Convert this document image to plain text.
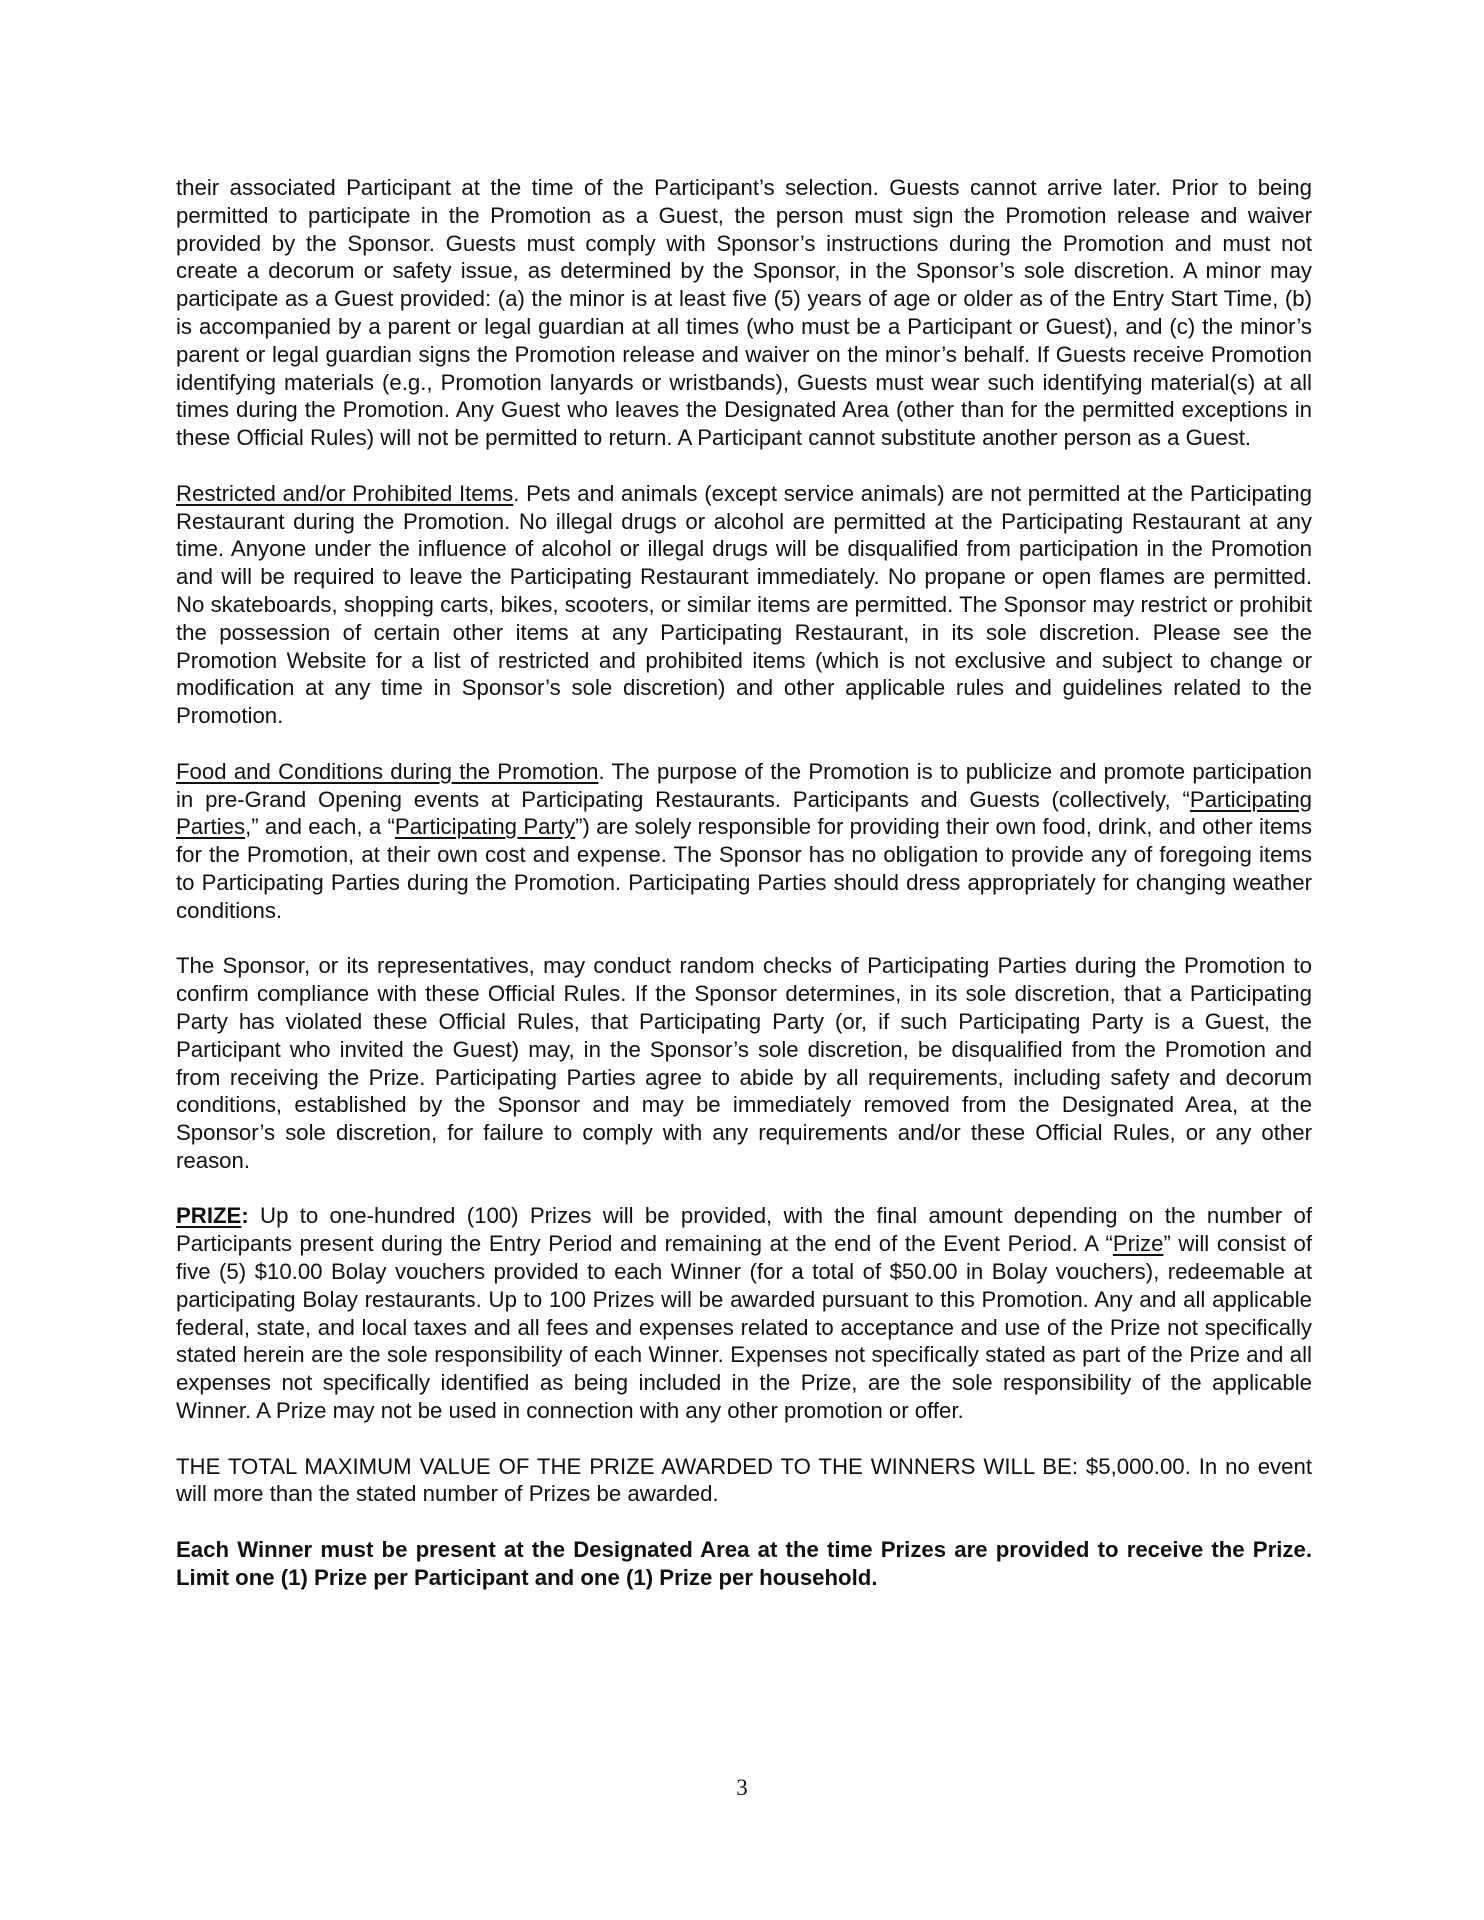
their associated Participant at the time of the Participant’s selection. Guests cannot arrive later. Prior to being permitted to participate in the Promotion as a Guest, the person must sign the Promotion release and waiver provided by the Sponsor. Guests must comply with Sponsor’s instructions during the Promotion and must not create a decorum or safety issue, as determined by the Sponsor, in the Sponsor’s sole discretion. A minor may participate as a Guest provided: (a) the minor is at least five (5) years of age or older as of the Entry Start Time, (b) is accompanied by a parent or legal guardian at all times (who must be a Participant or Guest), and (c) the minor’s parent or legal guardian signs the Promotion release and waiver on the minor’s behalf. If Guests receive Promotion identifying materials (e.g., Promotion lanyards or wristbands), Guests must wear such identifying material(s) at all times during the Promotion. Any Guest who leaves the Designated Area (other than for the permitted exceptions in these Official Rules) will not be permitted to return. A Participant cannot substitute another person as a Guest.

Restricted and/or Prohibited Items. Pets and animals (except service animals) are not permitted at the Participating Restaurant during the Promotion. No illegal drugs or alcohol are permitted at the Participating Restaurant at any time. Anyone under the influence of alcohol or illegal drugs will be disqualified from participation in the Promotion and will be required to leave the Participating Restaurant immediately. No propane or open flames are permitted. No skateboards, shopping carts, bikes, scooters, or similar items are permitted. The Sponsor may restrict or prohibit the possession of certain other items at any Participating Restaurant, in its sole discretion. Please see the Promotion Website for a list of restricted and prohibited items (which is not exclusive and subject to change or modification at any time in Sponsor’s sole discretion) and other applicable rules and guidelines related to the Promotion.

Food and Conditions during the Promotion. The purpose of the Promotion is to publicize and promote participation in pre-Grand Opening events at Participating Restaurants. Participants and Guests (collectively, “Participating Parties,” and each, a “Participating Party”) are solely responsible for providing their own food, drink, and other items for the Promotion, at their own cost and expense. The Sponsor has no obligation to provide any of foregoing items to Participating Parties during the Promotion. Participating Parties should dress appropriately for changing weather conditions.

The Sponsor, or its representatives, may conduct random checks of Participating Parties during the Promotion to confirm compliance with these Official Rules. If the Sponsor determines, in its sole discretion, that a Participating Party has violated these Official Rules, that Participating Party (or, if such Participating Party is a Guest, the Participant who invited the Guest) may, in the Sponsor’s sole discretion, be disqualified from the Promotion and from receiving the Prize. Participating Parties agree to abide by all requirements, including safety and decorum conditions, established by the Sponsor and may be immediately removed from the Designated Area, at the Sponsor’s sole discretion, for failure to comply with any requirements and/or these Official Rules, or any other reason.

PRIZE: Up to one-hundred (100) Prizes will be provided, with the final amount depending on the number of Participants present during the Entry Period and remaining at the end of the Event Period. A “Prize” will consist of five (5) $10.00 Bolay vouchers provided to each Winner (for a total of $50.00 in Bolay vouchers), redeemable at participating Bolay restaurants. Up to 100 Prizes will be awarded pursuant to this Promotion. Any and all applicable federal, state, and local taxes and all fees and expenses related to acceptance and use of the Prize not specifically stated herein are the sole responsibility of each Winner. Expenses not specifically stated as part of the Prize and all expenses not specifically identified as being included in the Prize, are the sole responsibility of the applicable Winner. A Prize may not be used in connection with any other promotion or offer.

THE TOTAL MAXIMUM VALUE OF THE PRIZE AWARDED TO THE WINNERS WILL BE: $5,000.00. In no event will more than the stated number of Prizes be awarded.

Each Winner must be present at the Designated Area at the time Prizes are provided to receive the Prize. Limit one (1) Prize per Participant and one (1) Prize per household.

3
